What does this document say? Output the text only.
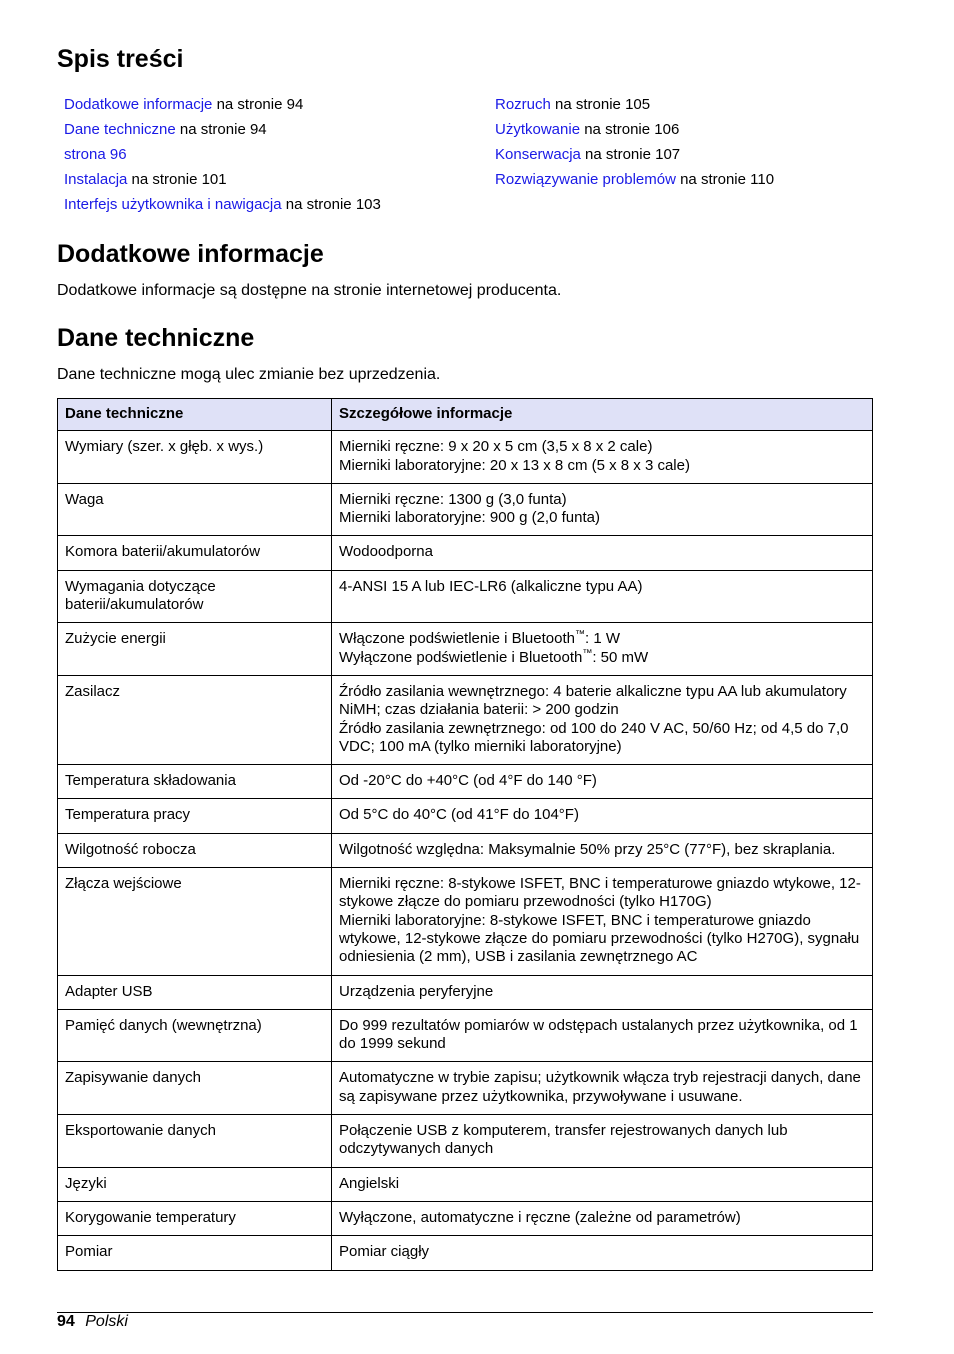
Spis treści
Dodatkowe informacje na stronie 94
Dane techniczne na stronie 94
strona 96
Instalacja na stronie 101
Interfejs użytkownika i nawigacja na stronie 103
Rozruch na stronie 105
Użytkowanie na stronie 106
Konserwacja na stronie 107
Rozwiązywanie problemów na stronie 110
Dodatkowe informacje

Dodatkowe informacje są dostępne na stronie internetowej producenta.

Dane techniczne

Dane techniczne mogą ulec zmianie bez uprzedzenia.

Dane techniczne	Szczegółowe informacje
Wymiary (szer. x głęb. x wys.)	Mierniki ręczne: 9 x 20 x 5 cm (3,5 x 8 x 2 cale)
Mierniki laboratoryjne: 20 x 13 x 8 cm (5 x 8 x 3 cale)

Waga	Mierniki ręczne: 1300 g (3,0 funta)
Mierniki laboratoryjne: 900 g (2,0 funta)

Komora baterii/akumulatorów	Wodoodporna

Wymagania dotyczące baterii/akumulatorów	4-ANSI 15 A lub IEC-LR6 (alkaliczne typu AA)

Zużycie energii	Włączone podświetlenie i Bluetooth™: 1 W
Wyłączone podświetlenie i Bluetooth™: 50 mW

Zasilacz	Źródło zasilania wewnętrznego: 4 baterie alkaliczne typu AA lub akumulatory NiMH; czas działania baterii: > 200 godzin
Źródło zasilania zewnętrznego: od 100 do 240 V AC, 50/60 Hz; od 4,5 do 7,0 VDC; 100 mA (tylko mierniki laboratoryjne)

Temperatura składowania	Od -20°C do +40°C (od 4°F do 140 °F)

Temperatura pracy	Od 5°C do 40°C (od 41°F do 104°F)

Wilgotność robocza	Wilgotność względna: Maksymalnie 50% przy 25°C (77°F), bez skraplania.

Złącza wejściowe	Mierniki ręczne: 8-stykowe ISFET, BNC i temperaturowe gniazdo wtykowe, 12-stykowe złącze do pomiaru przewodności (tylko H170G)
Mierniki laboratoryjne: 8-stykowe ISFET, BNC i temperaturowe gniazdo wtykowe, 12-stykowe złącze do pomiaru przewodności (tylko H270G), sygnału odniesienia (2 mm), USB i zasilania zewnętrznego AC

Adapter USB	Urządzenia peryferyjne

Pamięć danych (wewnętrzna)	Do 999 rezultatów pomiarów w odstępach ustalanych przez użytkownika, od 1 do 1999 sekund

Zapisywanie danych	Automatyczne w trybie zapisu; użytkownik włącza tryb rejestracji danych, dane są zapisywane przez użytkownika, przywoływane i usuwane.

Eksportowanie danych	Połączenie USB z komputerem, transfer rejestrowanych danych lub odczytywanych danych

Języki	Angielski

Korygowanie temperatury	Wyłączone, automatyczne i ręczne (zależne od parametrów)

Pomiar	Pomiar ciągły
94 Polski
